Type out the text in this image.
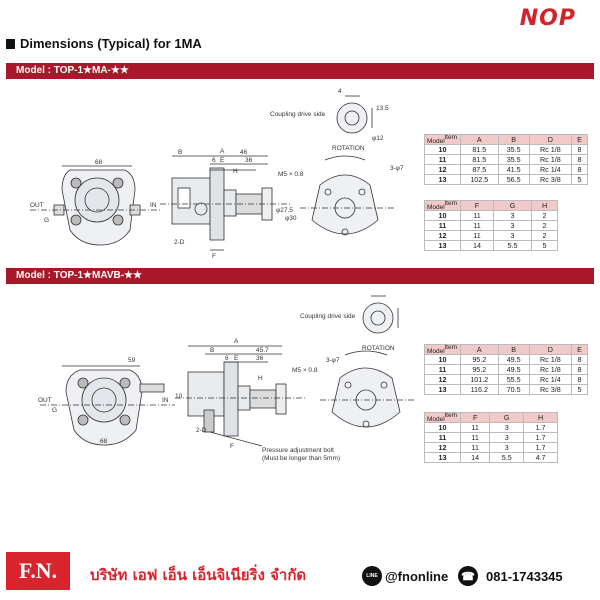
NOP
Dimensions (Typical) for 1MA
Model : TOP-1★MA-★★
Model : TOP-1★MAVB-★★
68
OUT	IN
G
A
B	46
6 E	36
H	M5 × 0.8
φ27.5
φ30
2-D
F
ROTATION
3-φ7
Coupling drive side
4
13.5
φ12
59
68
OUT	IN
G
10
A
B	45.7
6 E	36
H
M5 × 0.8
2-D
F
Pressure adjustment bolt
(Must be longer than 5mm)
ROTATION
3-φ7
Coupling drive side
Item
Model	A	B	D	E
10	81.5	35.5	Rc 1/8	8
11	81.5	35.5	Rc 1/8	8
12	87.5	41.5	Rc 1/4	8
13	102.5	56.5	Rc 3/8	5
Item
Model	F	G	H
10	11	3	2
11	11	3	2
12	11	3	2
13	14	5.5	5
Item
Model	A	B	D	E
10	95.2	49.5	Rc 1/8	8
11	95.2	49.5	Rc 1/8	8
12	101.2	55.5	Rc 1/4	8
13	116.2	70.5	Rc 3/8	5
Item
Model	F	G	H
10	11	3	1.7
11	11	3	1.7
12	11	3	1.7
13	14	5.5	4.7
F.N.	บริษัท เอฟ เอ็น เอ็นจิเนียริ่ง จำกัด	LINE @fnonline ☎ 081-1743345
